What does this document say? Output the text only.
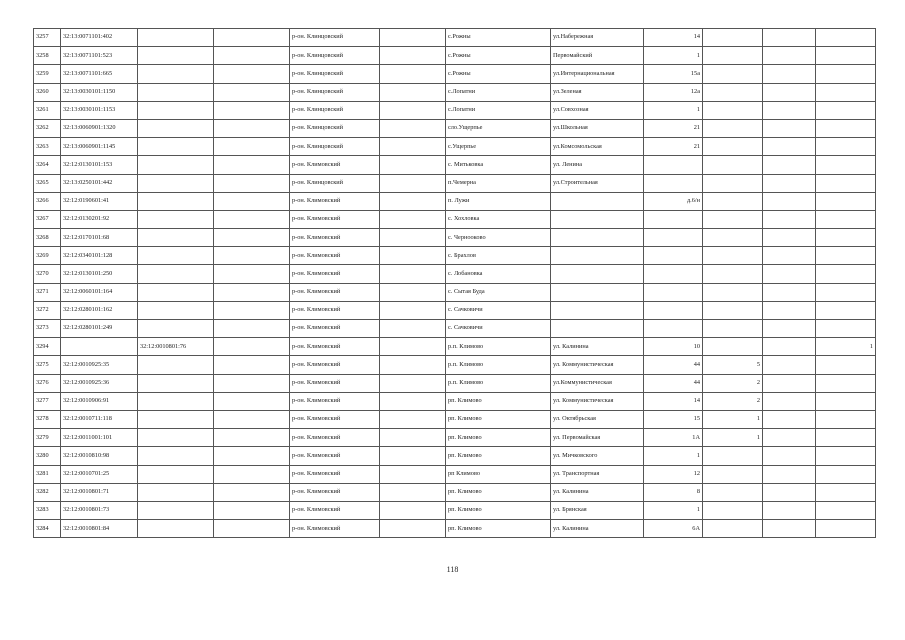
3257	32:13:0071101:402			р-он. Клинцовский		с.Рожны	ул.Набережная	14			
3258	32:13:0071101:523			р-он. Клинцовский		с.Рожны	Первомайский	1			
3259	32:13:0071101:665			р-он. Клинцовский		с.Рожны	ул.Интернациональная	15а			
3260	32:13:0030101:1150			р-он. Клинцовский		с.Лопатни	ул.Зеленая	12а			
3261	32:13:0030101:1153			р-он. Клинцовский		с.Лопатни	ул.Совхозная	1			
3262	32:13:0060901:1320			р-он. Клинцовский		сло.Ущерпье	ул.Школьная	21			
3263	32:13:0060901:1145			р-он. Клинцовский		с.Ущерпье	ул.Комсомольская	21			
3264	32:12:0130101:153			р-он. Климовский		с. Митьковка	ул. Ленина				
3265	32:13:0250101:442			р-он. Клинцовский		п.Чемерна	ул.Строительная				
3266	32:12:0190601:41			р-он. Климовский		п. Лужи		д.6/н			
3267	32:12:0130201:92			р-он. Климовский		с. Хохловка					
3268	32:12:0170101:68			р-он. Климовский		с. Чернооково					
3269	32:12:0340101:128			р-он. Климовский		с. Брахлов					
3270	32:12:0130101:250			р-он. Климовский		с. Лобановка					
3271	32:12:0060101:164			р-он. Климовский		с. Сытая Буда					
3272	32:12:0280101:162			р-он. Климовский		с. Сачковичи					
3273	32:12:0280101:249			р-он. Климовский		с. Сачковичи					
3294		32:12:0010801:76		р-он. Климовский		р.п. Климово	ул. Калинина	10			1
3275	32:12:0010925:35			р-он. Климовский		р.п. Климово	ул. Коммунистическая	44	5		
3276	32:12:0010925:36			р-он. Климовский		р.п. Климово	ул.Коммунистическая	44	2		
3277	32:12:0010906:91			р-он. Климовский		рп. Климово	ул. Коммунистическая	14	2		
3278	32:12:0010711:118			р-он. Климовский		рп. Климово	ул. Октябрьская	15	1		
3279	32:12:0011001:101			р-он. Климовский		рп. Климово	ул. Первомайская	1А	1		
3280	32:12:0010810:98			р-он. Климовский		рп. Климово	ул. Мичковского	1			
3281	32:12:0010701:25			р-он. Климовский		рп Климово	ул. Транспортная	12			
3282	32:12:0010801:71			р-он. Климовский		рп. Климово	ул. Калинина	8			
3283	32:12:0010801:73			р-он. Климовский		рп. Климово	ул. Брянская	1			
3284	32:12:0010801:84			р-он. Климовский		рп. Климово	ул. Калинина	6А			
118
